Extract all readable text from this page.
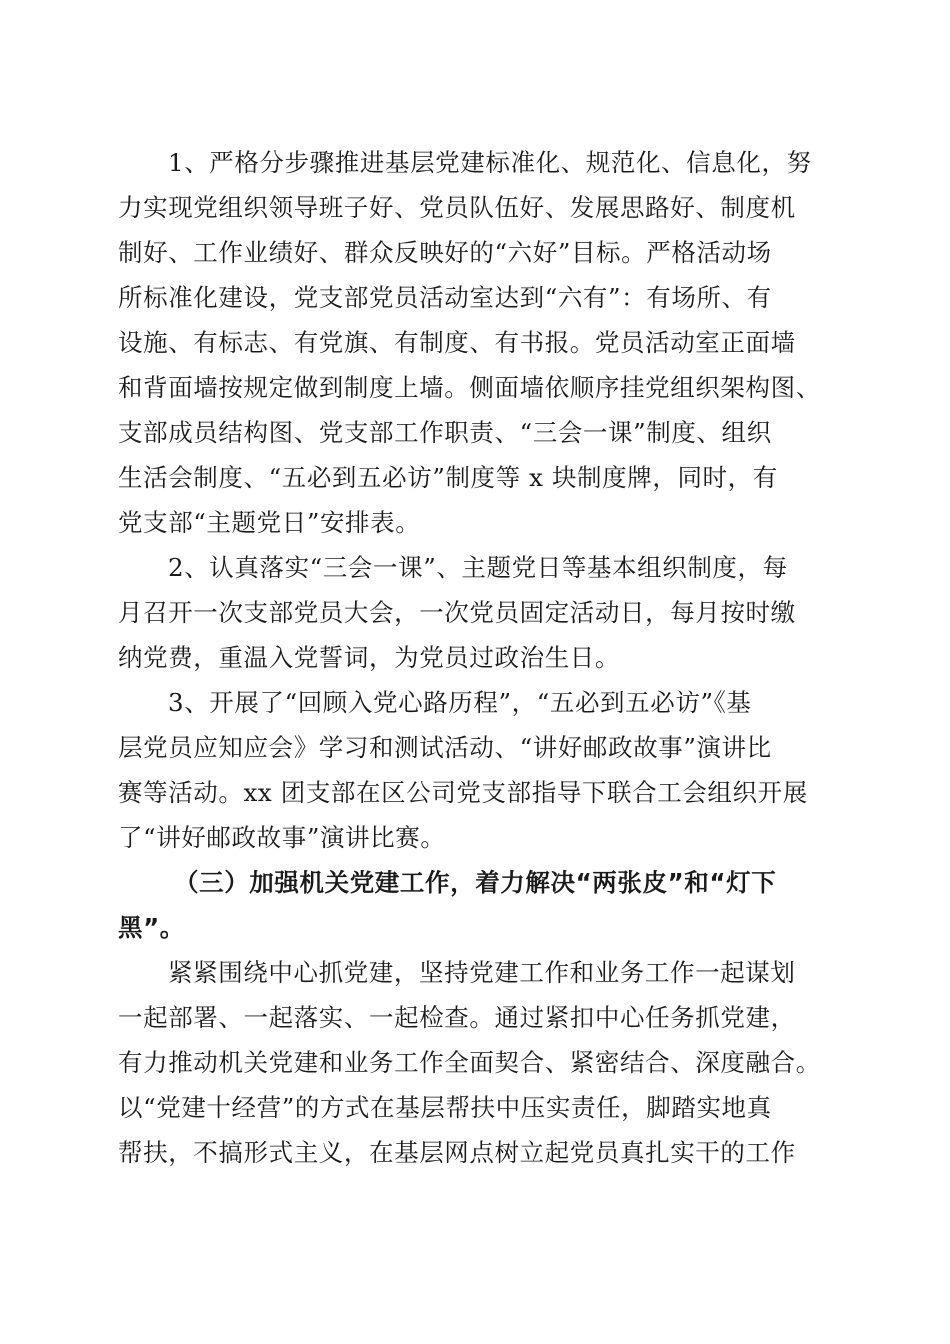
1、严格分步骤推进基层党建标准化、规范化、信息化，努
力实现党组织领导班子好、党员队伍好、发展思路好、制度机
制好、工作业绩好、群众反映好的“六好”目标。严格活动场
所标准化建设，党支部党员活动室达到“六有”：有场所、有
设施、有标志、有党旗、有制度、有书报。党员活动室正面墙
和背面墙按规定做到制度上墙。侧面墙依顺序挂党组织架构图、
支部成员结构图、党支部工作职责、“三会一课”制度、组织
生活会制度、“五必到五必访”制度等 x 块制度牌，同时，有
党支部“主题党日”安排表。
2、认真落实“三会一课”、主题党日等基本组织制度，每
月召开一次支部党员大会，一次党员固定活动日，每月按时缴
纳党费，重温入党誓词，为党员过政治生日。
3、开展了“回顾入党心路历程”，“五必到五必访”《基
层党员应知应会》学习和测试活动、“讲好邮政故事”演讲比
赛等活动。xx 团支部在区公司党支部指导下联合工会组织开展
了“讲好邮政故事”演讲比赛。
（三）加强机关党建工作，着力解决“两张皮”和“灯下
黑”。
紧紧围绕中心抓党建，坚持党建工作和业务工作一起谋划
一起部署、一起落实、一起检查。通过紧扣中心任务抓党建，
有力推动机关党建和业务工作全面契合、紧密结合、深度融合。
以“党建十经营”的方式在基层帮扶中压实责任，脚踏实地真
帮扶，不搞形式主义，在基层网点树立起党员真扎实干的工作
